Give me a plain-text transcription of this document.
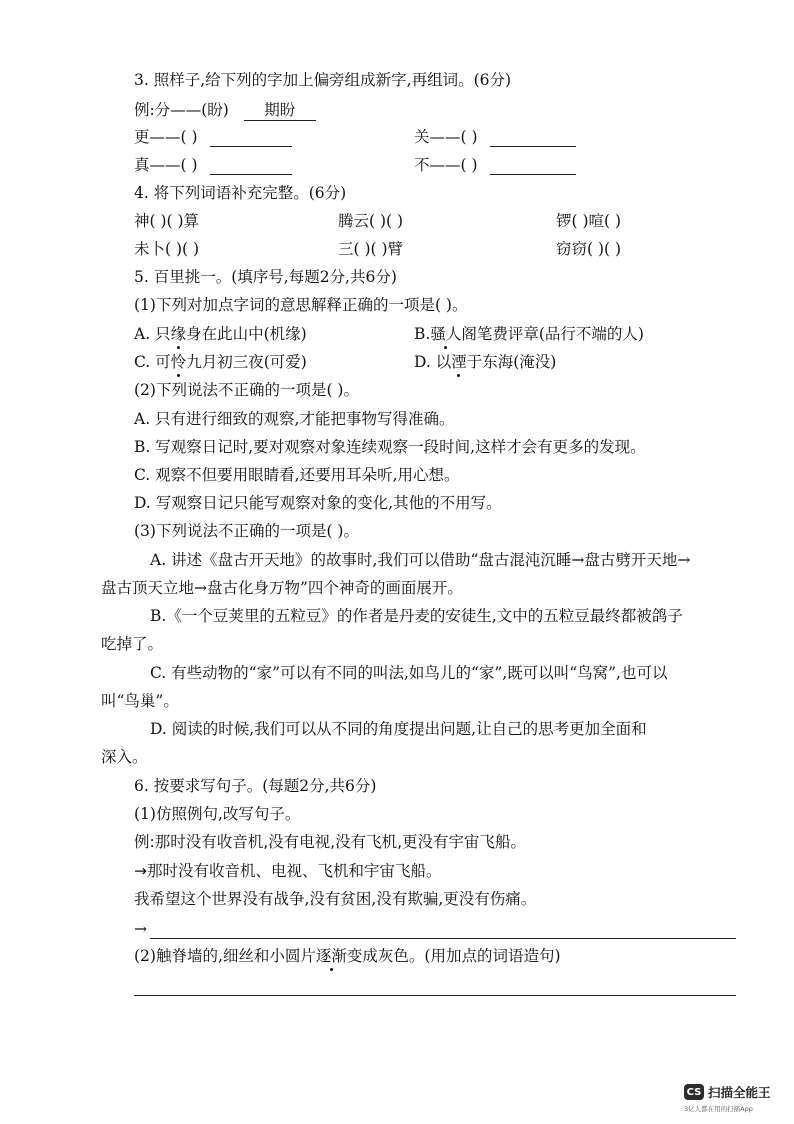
3. 照样子,给下列的字加上偏旁组成新字,再组词。(6分)
例:分——(盼) 期盼
更——( )	关——( )
真——( )	不——( )
4. 将下列词语补充完整。(6分)
神( )( )算	腾云( )( )	锣( )喧( )
未卜( )( )	三( )( )臂	窃窃( )( )
5. 百里挑一。(填序号,每题2分,共6分)
(1)下列对加点字词的意思解释正确的一项是( )。
A. 只缘身在此山中(机缘)	B.骚人阁笔费评章(品行不端的人)
C. 可怜九月初三夜(可爱)	D. 以湮于东海(淹没)
(2)下列说法不正确的一项是( )。
A. 只有进行细致的观察,才能把事物写得准确。
B. 写观察日记时,要对观察对象连续观察一段时间,这样才会有更多的发现。
C. 观察不但要用眼睛看,还要用耳朵听,用心想。
D. 写观察日记只能写观察对象的变化,其他的不用写。
(3)下列说法不正确的一项是( )。
A. 讲述《盘古开天地》的故事时,我们可以借助“盘古混沌沉睡→盘古劈开天地→
盘古顶天立地→盘古化身万物”四个神奇的画面展开。
B.《一个豆荚里的五粒豆》的作者是丹麦的安徒生,文中的五粒豆最终都被鸽子
吃掉了。
C. 有些动物的“家”可以有不同的叫法,如鸟儿的“家”,既可以叫“鸟窝”,也可以
叫“鸟巢”。
D. 阅读的时候,我们可以从不同的角度提出问题,让自己的思考更加全面和
深入。
6. 按要求写句子。(每题2分,共6分)
(1)仿照例句,改写句子。
例:那时没有收音机,没有电视,没有飞机,更没有宇宙飞船。
→那时没有收音机、电视、飞机和宇宙飞船。
我希望这个世界没有战争,没有贫困,没有欺骗,更没有伤痛。
→
(2)触脊墙的,细丝和小圆片逐渐变成灰色。(用加点的词语造句)
CS 扫描全能王
3亿人都在用的扫描App
